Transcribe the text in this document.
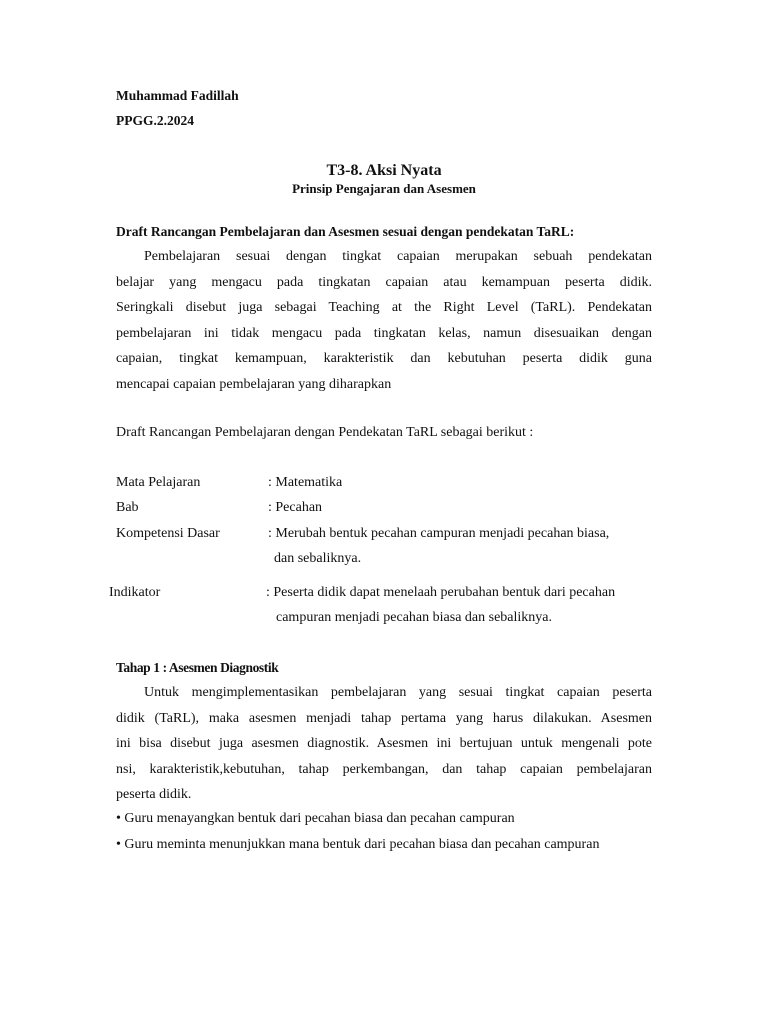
Muhammad Fadillah
PPGG.2.2024
T3-8. Aksi Nyata
Prinsip Pengajaran dan Asesmen
Draft Rancangan Pembelajaran dan Asesmen sesuai dengan pendekatan TaRL:
Pembelajaran sesuai dengan tingkat capaian merupakan sebuah pendekatan
belajar yang mengacu pada tingkatan capaian atau kemampuan peserta didik.
Seringkali disebut juga sebagai Teaching at the Right Level (TaRL). Pendekatan
pembelajaran ini tidak mengacu pada tingkatan kelas, namun disesuaikan dengan
capaian, tingkat kemampuan, karakteristik dan kebutuhan peserta didik guna
mencapai capaian pembelajaran yang diharapkan
Draft Rancangan Pembelajaran dengan Pendekatan TaRL sebagai berikut :
Mata Pelajaran	: Matematika
Bab	: Pecahan
Kompetensi Dasar	: Merubah bentuk pecahan campuran menjadi pecahan biasa,
dan sebaliknya.
Indikator	: Peserta didik dapat menelaah perubahan bentuk dari pecahan
campuran menjadi pecahan biasa dan sebaliknya.
Tahap 1 : Asesmen Diagnostik
Untuk mengimplementasikan pembelajaran yang sesuai tingkat capaian peserta
didik (TaRL), maka asesmen menjadi tahap pertama yang harus dilakukan. Asesmen
ini bisa disebut juga asesmen diagnostik. Asesmen ini bertujuan untuk mengenali pote
nsi, karakteristik,kebutuhan, tahap perkembangan, dan tahap capaian pembelajaran
peserta didik.
• Guru menayangkan bentuk dari pecahan biasa dan pecahan campuran
• Guru meminta menunjukkan mana bentuk dari pecahan biasa dan pecahan campuran
